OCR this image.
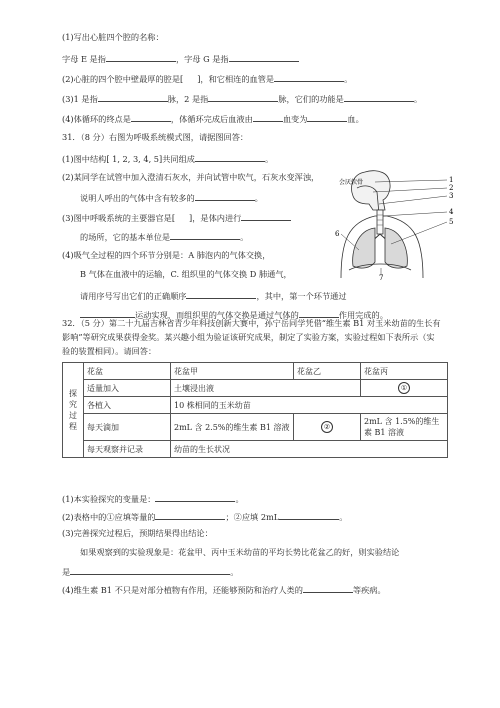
(1)写出心脏四个腔的名称：
字母 E 是指	，字母 G 是指
(2)心脏的四个腔中壁最厚的腔是[ ]，和它相连的血管是	。
(3)1 是指	脉，2 是指	脉，它们的功能是	。
(4)体循环的终点是	，体循环完成后血液由	血变为	血。
31．（8 分）右图为呼吸系统模式图，请据图回答：
(1)图中结构[ 1, 2, 3, 4, 5]共同组成	。
(2)某同学在试管中加入澄清石灰水，并向试管中吹气，石灰水变浑浊，
说明人呼出的气体中含有较多的	。
(3)图中呼吸系统的主要器官是[ ]，是体内进行
的场所，它的基本单位是	。
(4)吸气全过程的四个环节分别是：A 肺泡内的气体交换，
B 气体在血液中的运输，C. 组织里的气体交换 D 肺通气，
请用序号写出它们的正确顺序	，其中，第一个环节通过
运动实现，而组织里的气体交换是通过气体的	作用完成的。
会厌软骨	1
2
3
4
5
6
7
32．（5 分）第二十九届吉林省青少年科技创新大赛中，孙宁岳同学凭借“维生素 B1 对玉米幼苗的生长有
影响”等研究成果获得金奖。某兴趣小组为验证该研究成果，制定了实验方案，实验过程如下表所示（实
验的装置相同）。请回答：
探究过程	花盆	花盆甲	花盆乙	花盆丙
	适量加入	土壤浸出液		①
	各植入	10 株相同的玉米幼苗		
	每天滴加	2mL 含 2.5%的维生素 B1 溶液	②	2mL 含 1.5%的维生素 B1 溶液
	每天观察并记录	幼苗的生长状况		
(1)本实验探究的变量是：	。
(2)表格中的①应填等量的	；②应填 2mL	。
(3)完善探究过程后，预期结果得出结论：
如果观察到的实验现象是：花盆甲、丙中玉米幼苗的平均长势比花盆乙的好，则实验结论
是	。
(4)维生素 B1 不只是对部分植物有作用，还能够预防和治疗人类的	等疾病。
